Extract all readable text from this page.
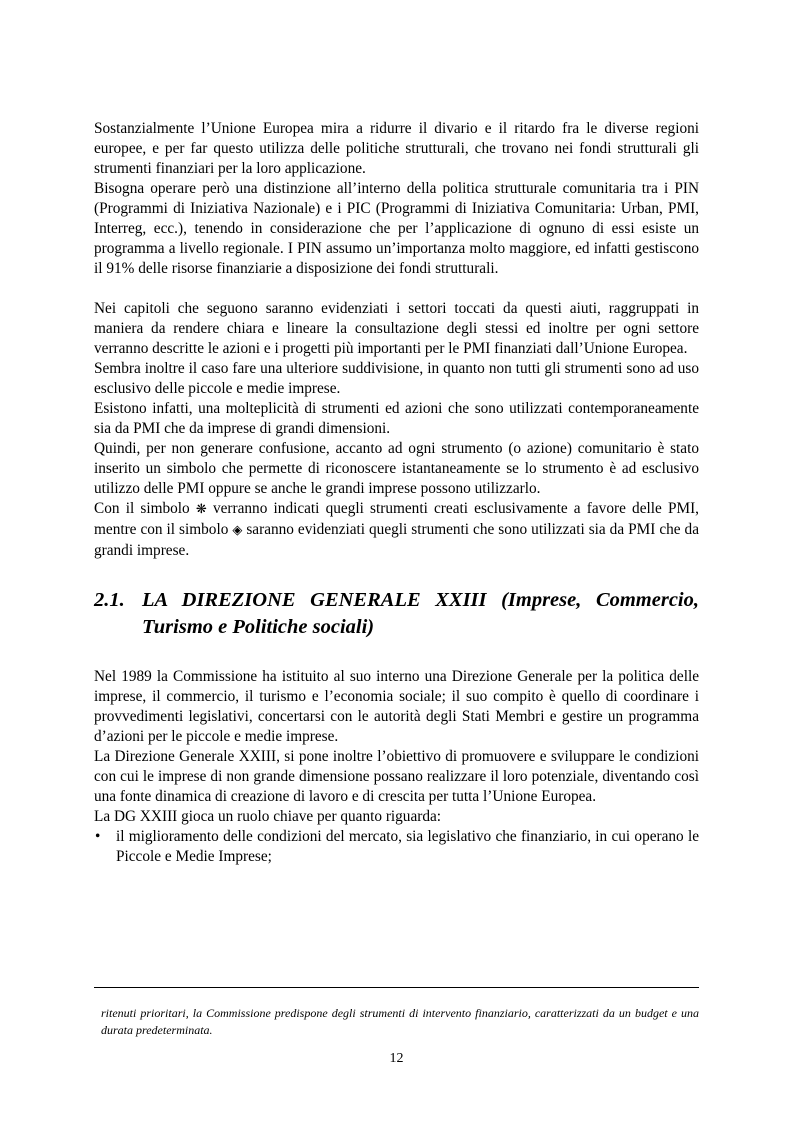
Sostanzialmente l’Unione Europea mira a ridurre il divario e il ritardo fra le diverse regioni europee, e per far questo utilizza delle politiche strutturali, che trovano nei fondi strutturali gli strumenti finanziari per la loro applicazione.

Bisogna operare però una distinzione all’interno della politica strutturale comunitaria tra i PIN (Programmi di Iniziativa Nazionale) e i PIC (Programmi di Iniziativa Comunitaria: Urban, PMI, Interreg, ecc.), tenendo in considerazione che per l’applicazione di ognuno di essi esiste un programma a livello regionale. I PIN assumo un’importanza molto maggiore, ed infatti gestiscono il 91% delle risorse finanziarie a disposizione dei fondi strutturali.

Nei capitoli che seguono saranno evidenziati i settori toccati da questi aiuti, raggruppati in maniera da rendere chiara e lineare la consultazione degli stessi ed inoltre per ogni settore verranno descritte le azioni e i progetti più importanti per le PMI finanziati dall’Unione Europea.

Sembra inoltre il caso fare una ulteriore suddivisione, in quanto non tutti gli strumenti sono ad uso esclusivo delle piccole e medie imprese.

Esistono infatti, una molteplicità di strumenti ed azioni che sono utilizzati contemporaneamente sia da PMI che da imprese di grandi dimensioni.

Quindi, per non generare confusione, accanto ad ogni strumento (o azione) comunitario è stato inserito un simbolo che permette di riconoscere istantaneamente se lo strumento è ad esclusivo utilizzo delle PMI oppure se anche le grandi imprese possono utilizzarlo.

Con il simbolo ❋ verranno indicati quegli strumenti creati esclusivamente a favore delle PMI, mentre con il simbolo ◈ saranno evidenziati quegli strumenti che sono utilizzati sia da PMI che da grandi imprese.

2.1. LA DIREZIONE GENERALE XXIII (Imprese, Commercio, Turismo e Politiche sociali)

Nel 1989 la Commissione ha istituito al suo interno una Direzione Generale per la politica delle imprese, il commercio, il turismo e l’economia sociale; il suo compito è quello di coordinare i provvedimenti legislativi, concertarsi con le autorità degli Stati Membri e gestire un programma d’azioni per le piccole e medie imprese.

La Direzione Generale XXIII, si pone inoltre l’obiettivo di promuovere e sviluppare le condizioni con cui le imprese di non grande dimensione possano realizzare il loro potenziale, diventando così una fonte dinamica di creazione di lavoro e di crescita per tutta l’Unione Europea.

La DG XXIII gioca un ruolo chiave per quanto riguarda:

•	il miglioramento delle condizioni del mercato, sia legislativo che finanziario, in cui operano le Piccole e Medie Imprese;

ritenuti prioritari, la Commissione predispone degli strumenti di intervento finanziario, caratterizzati da un budget e una durata predeterminata.

12
